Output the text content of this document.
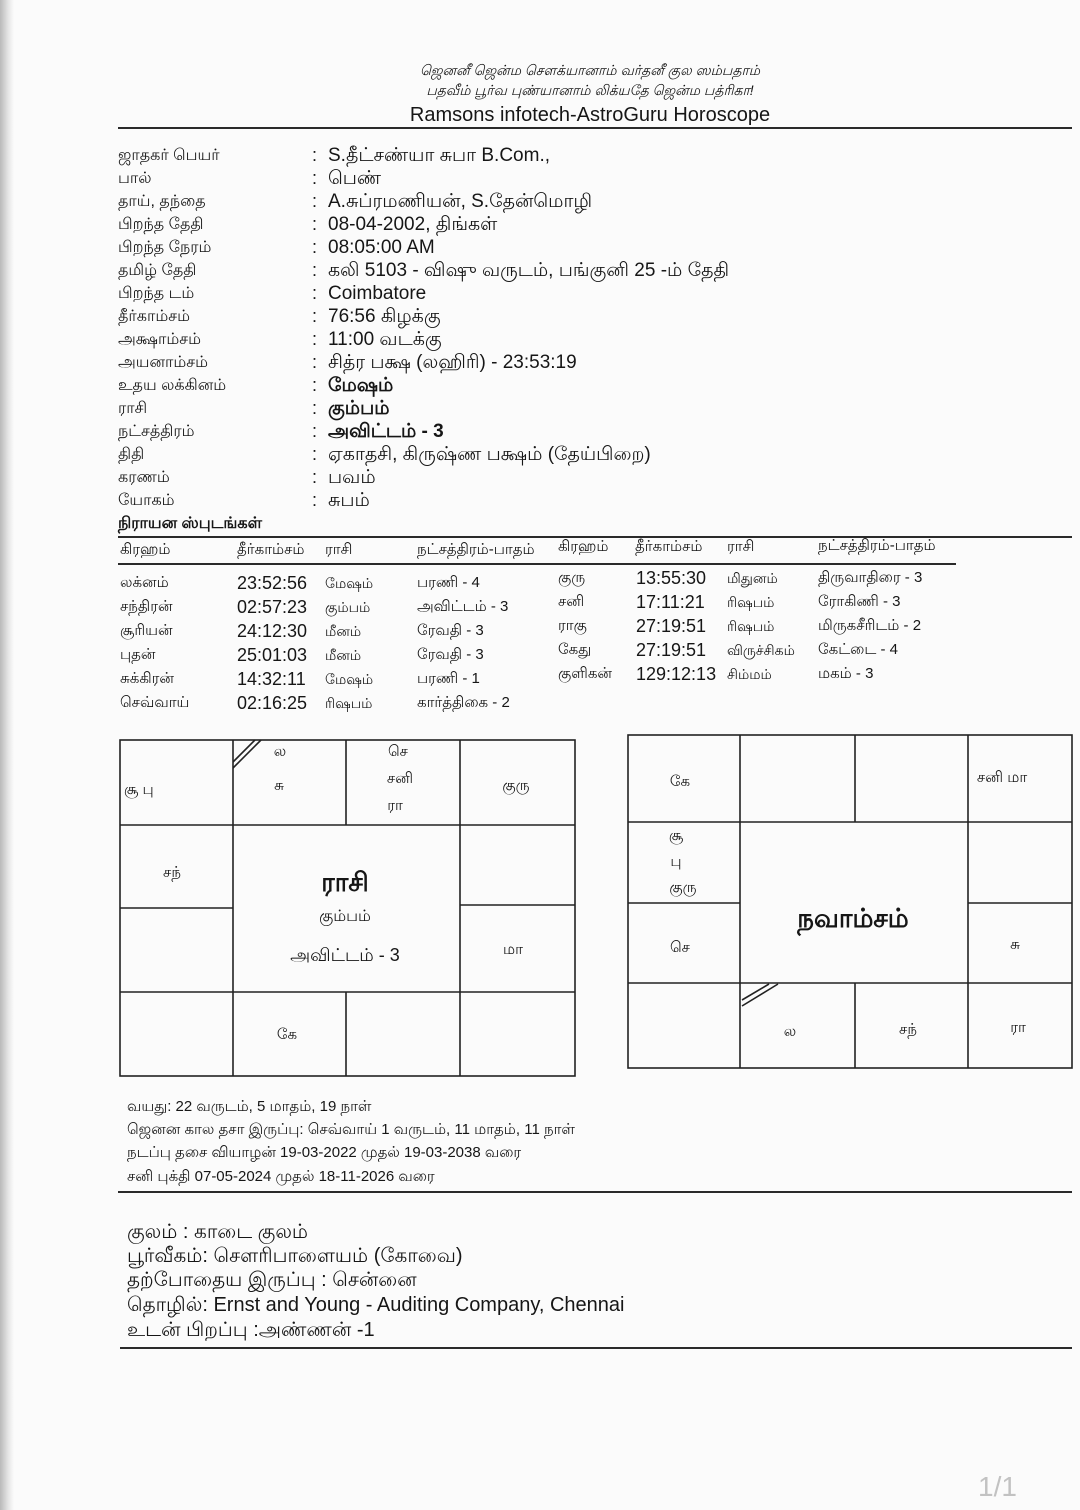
ஜெனனீ ஜென்ம சௌக்யானாம் வர்தனீ குல ஸம்பதாம்
பதவீம் பூர்வ புண்யானாம் லிக்யதே ஜென்ம பத்ரிகா!
Ramsons infotech-AstroGuru Horoscope
ஜாதகர் பெயர்	: S.தீட்சண்யா சுபா B.Com.,
பால்	: பெண்
தாய், தந்தை	: A.சுப்ரமணியன், S.தேன்மொழி
பிறந்த தேதி	: 08-04-2002, திங்கள்
பிறந்த நேரம்	: 08:05:00 AM
தமிழ் தேதி	: கலி 5103 - விஷு வருடம், பங்குனி 25 -ம் தேதி
பிறந்த டம்	: Coimbatore
தீர்காம்சம்	: 76:56 கிழக்கு
அக்ஷாம்சம்	: 11:00 வடக்கு
அயனாம்சம்	: சித்ர பக்ஷ (லஹிரி) - 23:53:19
உதய லக்கினம்	: மேஷம்
ராசி	: கும்பம்
நட்சத்திரம்	: அவிட்டம் - 3
திதி	: ஏகாதசி, கிருஷ்ண பக்ஷம் (தேய்பிறை)
கரணம்	: பவம்
யோகம்	: சுபம்
நிராயன ஸ்புடங்கள்
கிரஹம்	தீர்காம்சம் ராசி	நட்சத்திரம்-பாதம் கிரஹம் தீர்காம்சம் ராசி	நட்சத்திரம்-பாதம்
லக்னம்	23:52:56 மேஷம்	பரணி - 4
சந்திரன்	02:57:23 கும்பம்	அவிட்டம் - 3
சூரியன்	24:12:30 மீனம்	ரேவதி - 3
புதன்	25:01:03 மீனம்	ரேவதி - 3
சுக்கிரன்	14:32:11 மேஷம்	பரணி - 1
செவ்வாய்	02:16:25 ரிஷபம்	கார்த்திகை - 2
குரு	13:55:30 மிதுனம்	திருவாதிரை - 3
சனி	17:11:21 ரிஷபம்	ரோகிணி - 3
ராகு	27:19:51 ரிஷபம்	மிருகசீரிடம் - 2
கேது 27:19:51 விருச்சிகம் கேட்டை - 4
குளிகன் 129:12:13 சிம்மம்	மகம் - 3
சூ பு
ல
சு
செ
சனி
ரா
குரு
சந்
மா
கே
ராசி
கும்பம்
அவிட்டம் - 3
கே	சனி மா
சூ
பு
குரு
செ	சு
ல	சந்	ரா
நவாம்சம்
வயது: 22 வருடம், 5 மாதம், 19 நாள்
ஜெனன கால தசா இருப்பு: செவ்வாய் 1 வருடம், 11 மாதம், 11 நாள்
நடப்பு தசை வியாழன் 19-03-2022 முதல் 19-03-2038 வரை
சனி புக்தி 07-05-2024 முதல் 18-11-2026 வரை
குலம் : காடை குலம்
பூர்வீகம்: சௌரிபாளையம் (கோவை)
தற்போதைய இருப்பு : சென்னை
தொழில்: Ernst and Young - Auditing Company, Chennai
உடன் பிறப்பு :அண்ணன் -1
1/1
